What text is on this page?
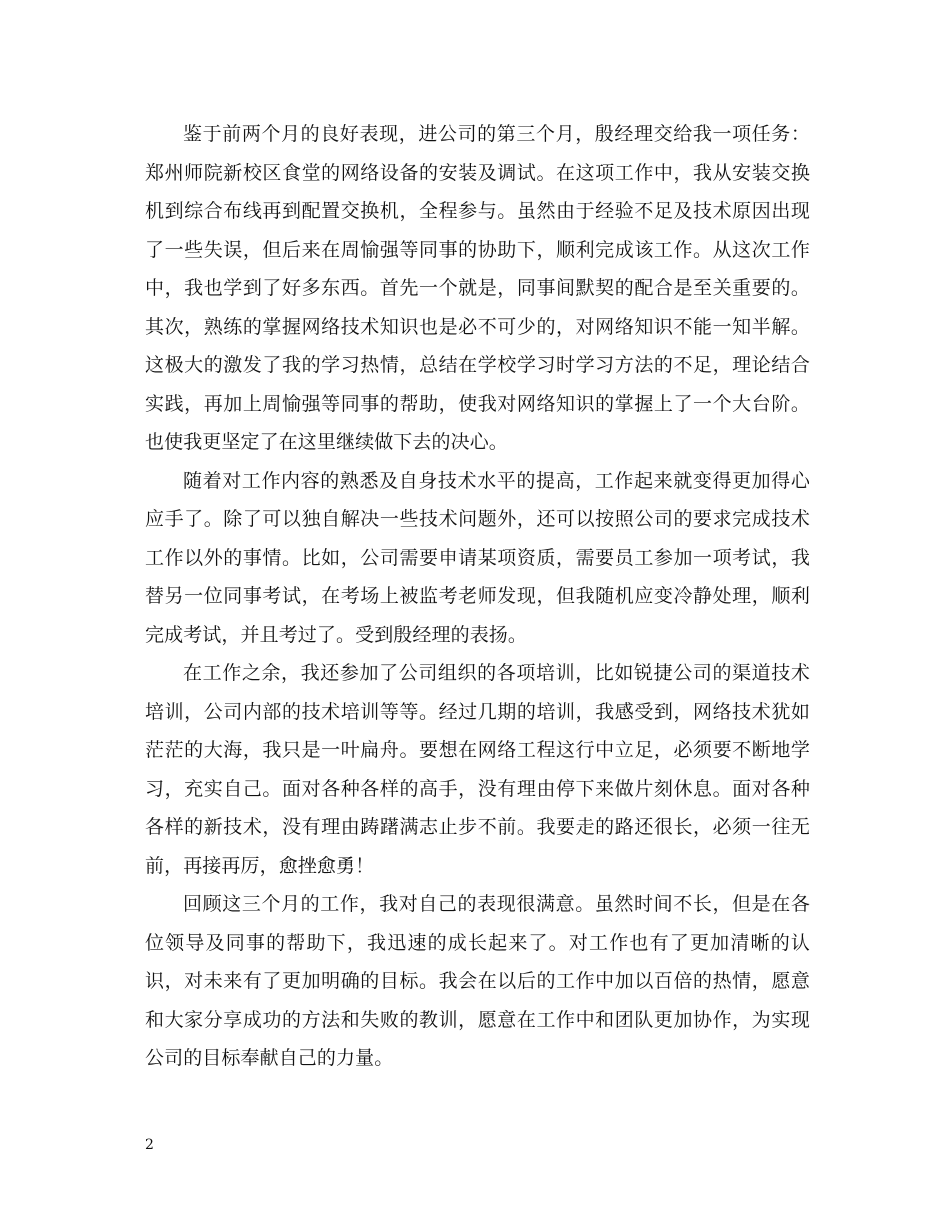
鉴于前两个月的良好表现，进公司的第三个月，殷经理交给我一项任务：郑州师院新校区食堂的网络设备的安装及调试。在这项工作中，我从安装交换机到综合布线再到配置交换机，全程参与。虽然由于经验不足及技术原因出现了一些失误，但后来在周愉强等同事的协助下，顺利完成该工作。从这次工作中，我也学到了好多东西。首先一个就是，同事间默契的配合是至关重要的。其次，熟练的掌握网络技术知识也是必不可少的，对网络知识不能一知半解。这极大的激发了我的学习热情，总结在学校学习时学习方法的不足，理论结合实践，再加上周愉强等同事的帮助，使我对网络知识的掌握上了一个大台阶。也使我更坚定了在这里继续做下去的决心。

随着对工作内容的熟悉及自身技术水平的提高，工作起来就变得更加得心应手了。除了可以独自解决一些技术问题外，还可以按照公司的要求完成技术工作以外的事情。比如，公司需要申请某项资质，需要员工参加一项考试，我替另一位同事考试，在考场上被监考老师发现，但我随机应变冷静处理，顺利完成考试，并且考过了。受到殷经理的表扬。

在工作之余，我还参加了公司组织的各项培训，比如锐捷公司的渠道技术培训，公司内部的技术培训等等。经过几期的培训，我感受到，网络技术犹如茫茫的大海，我只是一叶扁舟。要想在网络工程这行中立足，必须要不断地学习，充实自己。面对各种各样的高手，没有理由停下来做片刻休息。面对各种各样的新技术，没有理由踌躇满志止步不前。我要走的路还很长，必须一往无前，再接再厉，愈挫愈勇！

回顾这三个月的工作，我对自己的表现很满意。虽然时间不长，但是在各位领导及同事的帮助下，我迅速的成长起来了。对工作也有了更加清晰的认识，对未来有了更加明确的目标。我会在以后的工作中加以百倍的热情，愿意和大家分享成功的方法和失败的教训，愿意在工作中和团队更加协作，为实现公司的目标奉献自己的力量。

2
